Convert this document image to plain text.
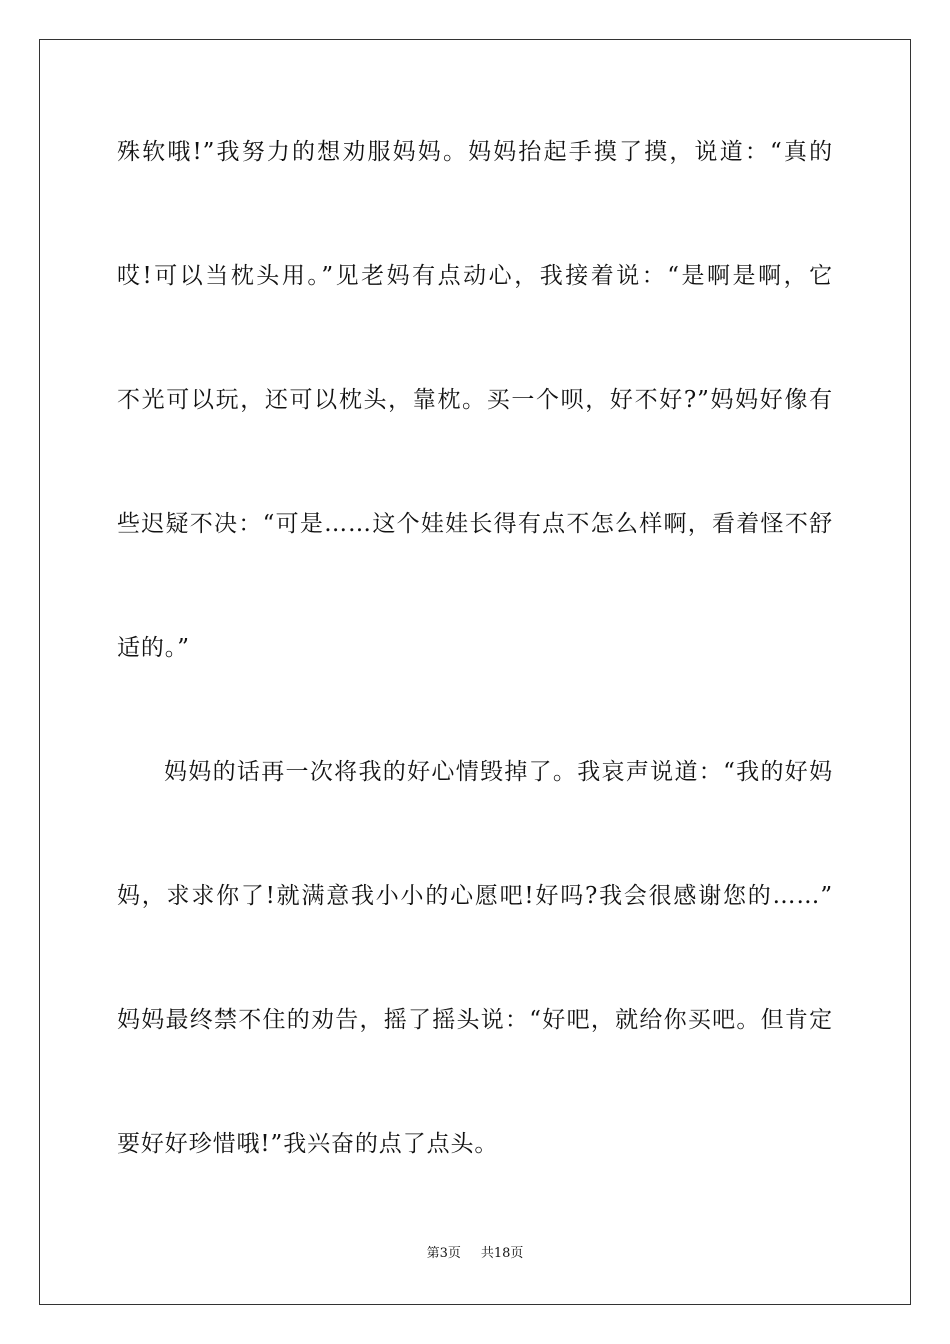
殊软哦!”我努力的想劝服妈妈。妈妈抬起手摸了摸，说道：“真的
哎!可以当枕头用。”见老妈有点动心，我接着说：“是啊是啊，它
不光可以玩，还可以枕头，靠枕。买一个呗，好不好?”妈妈好像有
些迟疑不决：“可是……这个娃娃长得有点不怎么样啊，看着怪不舒
适的。”
妈妈的话再一次将我的好心情毁掉了。我哀声说道：“我的好妈
妈，求求你了!就满意我小小的心愿吧!好吗?我会很感谢您的……”
妈妈最终禁不住的劝告，摇了摇头说：“好吧，就给你买吧。但肯定
要好好珍惜哦!”我兴奋的点了点头。
第3页 共18页
